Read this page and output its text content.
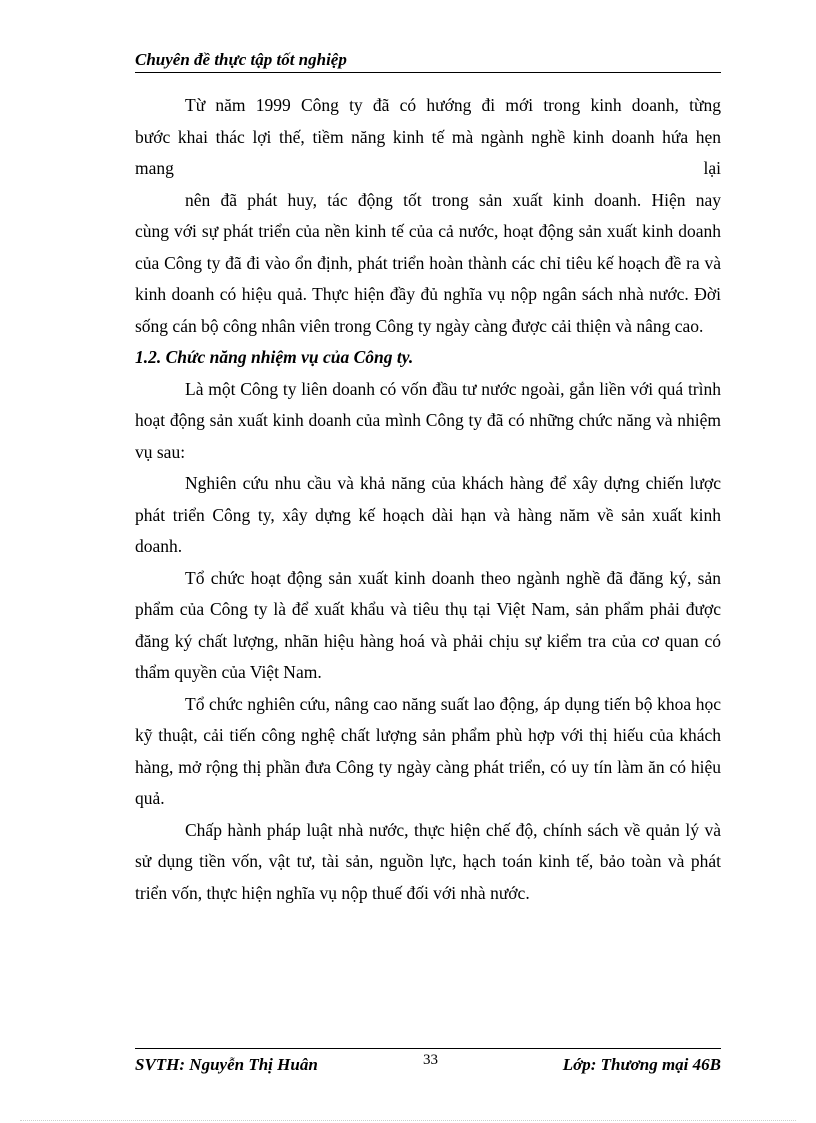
Chuyên đề thực tập tốt nghiệp

Từ năm 1999 Công ty đã có hướng đi mới trong kinh doanh, từng
bước khai thác lợi thế, tiềm năng kinh tế mà ngành nghề kinh doanh hứa hẹn
mang	lại
nên đã phát huy, tác động tốt trong sản xuất kinh doanh. Hiện nay

cùng với sự phát triển của nền kinh tế của cả nước, hoạt động sản xuất kinh doanh của Công ty đã đi vào ổn định, phát triển hoàn thành các chỉ tiêu kế hoạch đề ra và kinh doanh có hiệu quả. Thực hiện đầy đủ nghĩa vụ nộp ngân sách nhà nước. Đời sống cán bộ công nhân viên trong Công ty ngày càng được cải thiện và nâng cao.

1.2. Chức năng nhiệm vụ của Công ty.

Là một Công ty liên doanh có vốn đầu tư nước ngoài, gắn liền với quá trình hoạt động sản xuất kinh doanh của mình Công ty đã có những chức năng và nhiệm vụ sau:

Nghiên cứu nhu cầu và khả năng của khách hàng để xây dựng chiến lược phát triển Công ty, xây dựng kế hoạch dài hạn và hàng năm về sản xuất kinh doanh.

Tổ chức hoạt động sản xuất kinh doanh theo ngành nghề đã đăng ký, sản phẩm của Công ty là để xuất khẩu và tiêu thụ tại Việt Nam, sản phẩm phải được đăng ký chất lượng, nhãn hiệu hàng hoá và phải chịu sự kiểm tra của cơ quan có thẩm quyền của Việt Nam.

Tổ chức nghiên cứu, nâng cao năng suất lao động, áp dụng tiến bộ khoa học kỹ thuật, cải tiến công nghệ chất lượng sản phẩm phù hợp với thị hiếu của khách hàng, mở rộng thị phần đưa Công ty ngày càng phát triển, có uy tín làm ăn có hiệu quả.

Chấp hành pháp luật nhà nước, thực hiện chế độ, chính sách về quản lý và sử dụng tiền vốn, vật tư, tài sản, nguồn lực, hạch toán kinh tế, bảo toàn và phát triển vốn, thực hiện nghĩa vụ nộp thuế đối với nhà nước.

SVTH: Nguyễn Thị Huân	33	Lớp: Thương mại 46B
